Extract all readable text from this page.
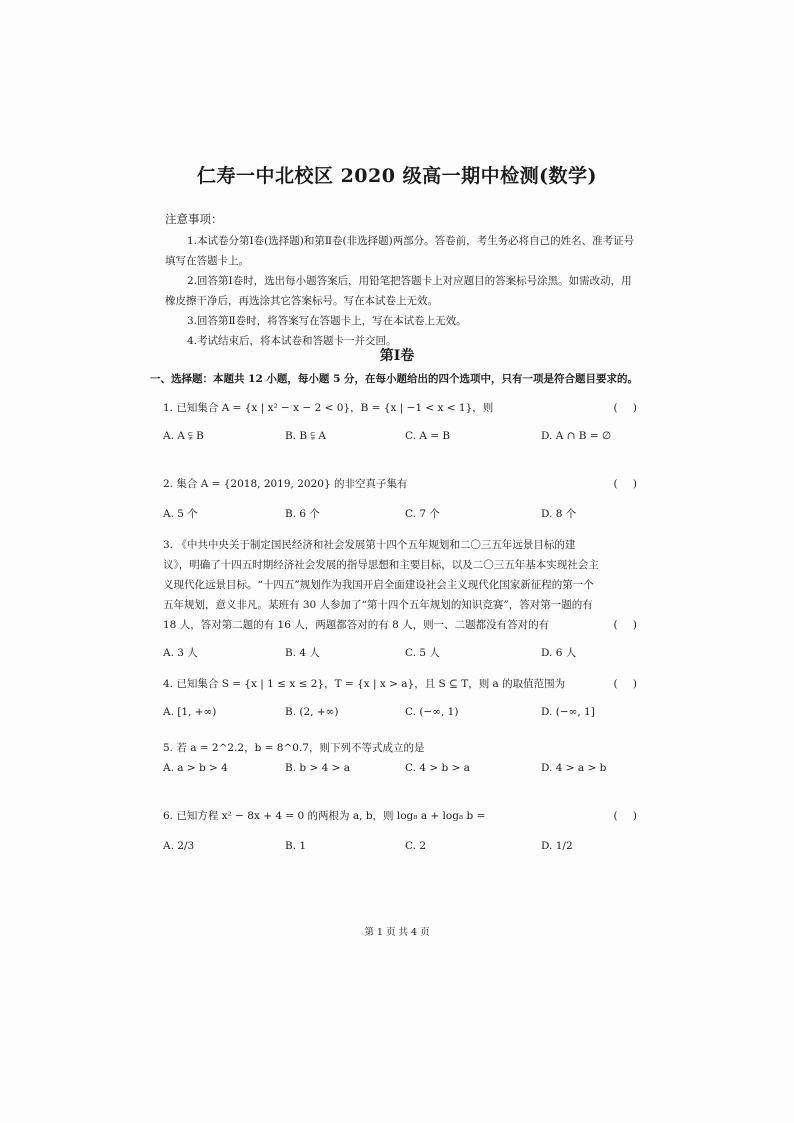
仁寿一中北校区 2020 级高一期中检测(数学)
注意事项：

1.本试卷分第Ⅰ卷(选择题)和第Ⅱ卷(非选择题)两部分。答卷前，考生务必将自己的姓名、准考证号填写在答题卡上。

2.回答第Ⅰ卷时，选出每小题答案后，用铅笔把答题卡上对应题目的答案标号涂黑。如需改动，用橡皮擦干净后，再选涂其它答案标号。写在本试卷上无效。

3.回答第Ⅱ卷时，将答案写在答题卡上，写在本试卷上无效。

4.考试结束后，将本试卷和答题卡一并交回。

第Ⅰ卷
一、选择题：本题共 12 小题，每小题 5 分，在每小题给出的四个选项中，只有一项是符合题目要求的。
1. 已知集合 A = {x | x² − x − 2 < 0}，B = {x | −1 < x < 1}，则	( )
A. A ⫋ B	B. B ⫋ A	C. A = B	D. A ∩ B = ∅
2. 集合 A = {2018, 2019, 2020} 的非空真子集有	( )
A. 5 个	B. 6 个	C. 7 个	D. 8 个
3. 《中共中央关于制定国民经济和社会发展第十四个五年规划和二〇三五年远景目标的建议》，明确了十四五时期经济社会发展的指导思想和主要目标，以及二〇三五年基本实现社会主义现代化远景目标。“十四五”规划作为我国开启全面建设社会主义现代化国家新征程的第一个五年规划，意义非凡。某班有 30 人参加了“第十四个五年规划的知识竞赛”，答对第一题的有 18 人，答对第二题的有 16 人，两题都答对的有 8 人，则一、二题都没有答对的有	( )
A. 3 人	B. 4 人	C. 5 人	D. 6 人
4. 已知集合 S = {x | 1 ≤ x ≤ 2}，T = {x | x > a}，且 S ⊆ T，则 a 的取值范围为	( )
A. [1, +∞)	B. (2, +∞)	C. (−∞, 1)	D. (−∞, 1]
5. 若 a = 2^2.2，b = 8^0.7，则下列不等式成立的是
A. a > b > 4	B. b > 4 > a	C. 4 > b > a	D. 4 > a > b
6. 已知方程 x² − 8x + 4 = 0 的两根为 a, b，则 log₈ a + log₈ b =	( )
A. 2/3	B. 1	C. 2	D. 1/2
第 1 页 共 4 页
